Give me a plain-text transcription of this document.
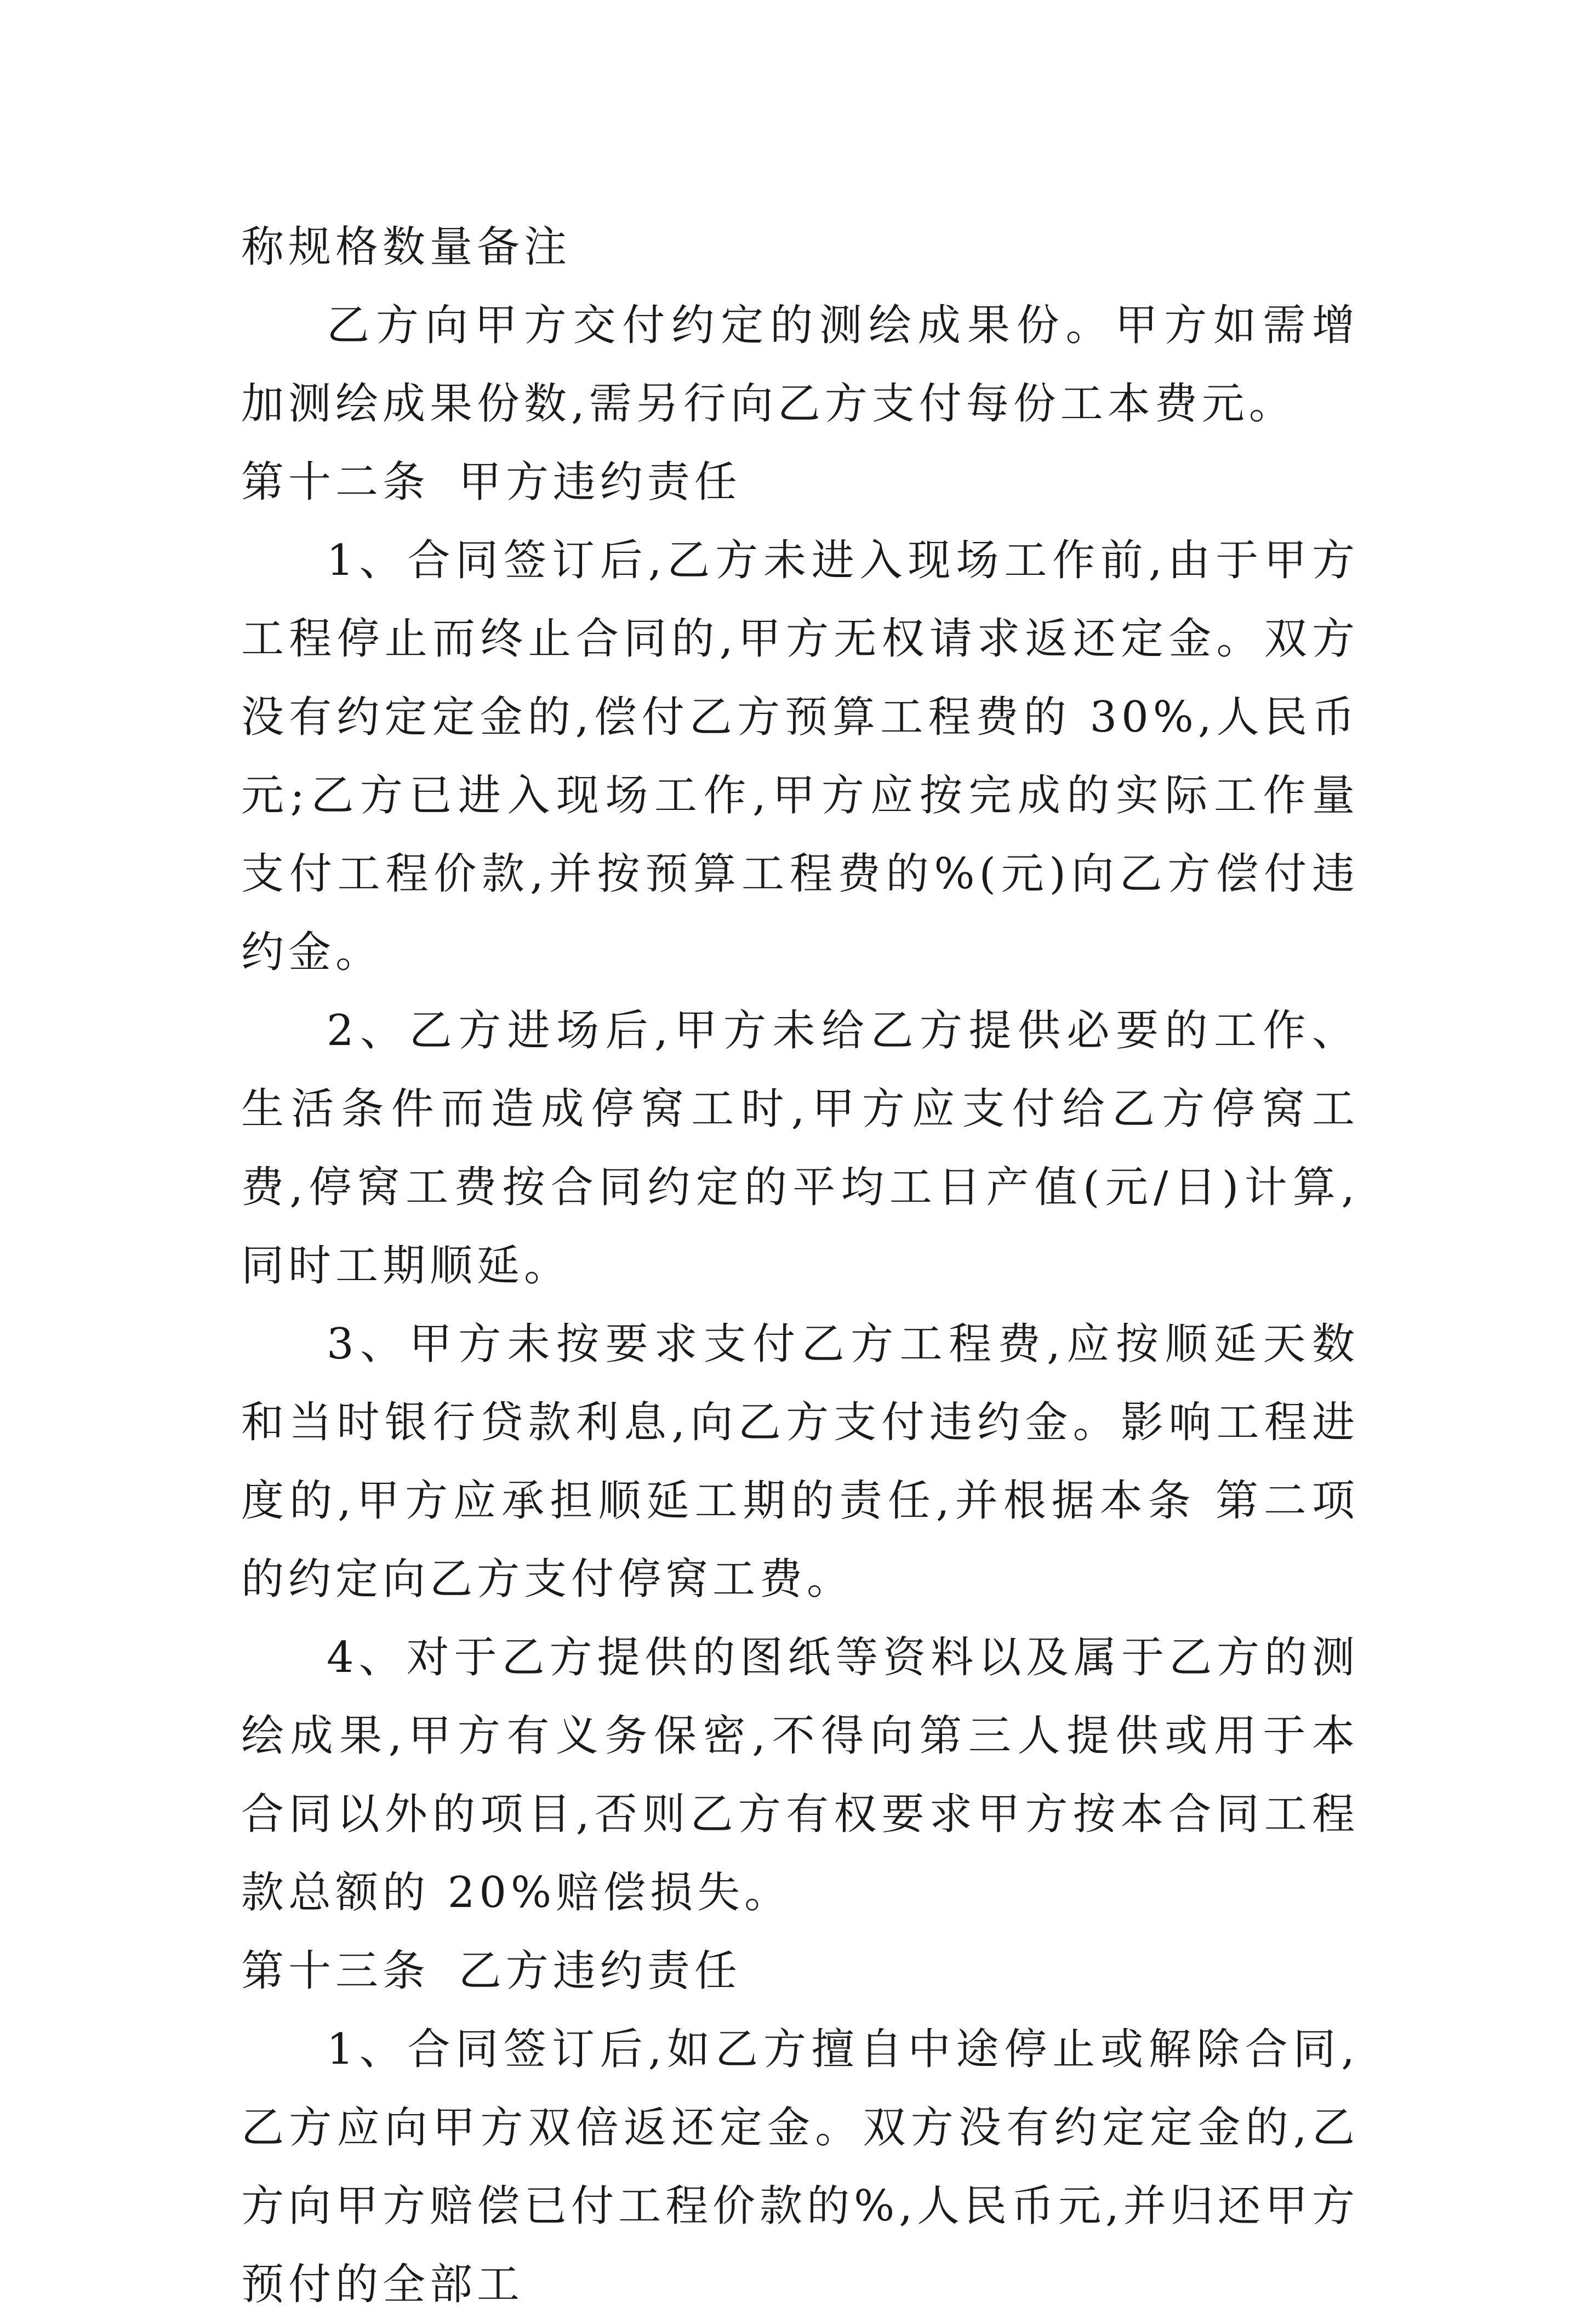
称规格数量备注

乙方向甲方交付约定的测绘成果份。甲方如需增加测绘成果份数,需另行向乙方支付每份工本费元。

第十二条 甲方违约责任

1、合同签订后,乙方未进入现场工作前,由于甲方工程停止而终止合同的,甲方无权请求返还定金。双方没有约定定金的,偿付乙方预算工程费的 30%,人民币元;乙方已进入现场工作,甲方应按完成的实际工作量支付工程价款,并按预算工程费的%(元)向乙方偿付违约金。

2、乙方进场后,甲方未给乙方提供必要的工作、生活条件而造成停窝工时,甲方应支付给乙方停窝工费,停窝工费按合同约定的平均工日产值(元/日)计算,同时工期顺延。

3、甲方未按要求支付乙方工程费,应按顺延天数和当时银行贷款利息,向乙方支付违约金。影响工程进度的,甲方应承担顺延工期的责任,并根据本条 第二项的约定向乙方支付停窝工费。

4、对于乙方提供的图纸等资料以及属于乙方的测绘成果,甲方有义务保密,不得向第三人提供或用于本合同以外的项目,否则乙方有权要求甲方按本合同工程款总额的 20%赔偿损失。

第十三条 乙方违约责任

1、合同签订后,如乙方擅自中途停止或解除合同,乙方应向甲方双倍返还定金。双方没有约定定金的,乙方向甲方赔偿已付工程价款的%,人民币元,并归还甲方预付的全部工
